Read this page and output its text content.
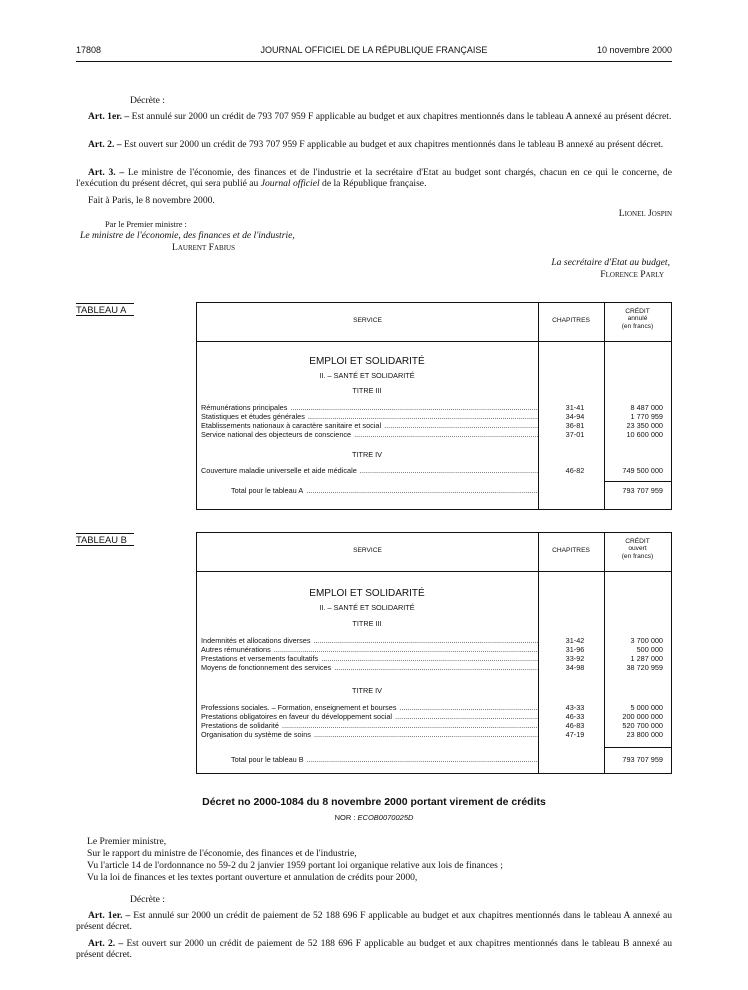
17808	JOURNAL OFFICIEL DE LA RÉPUBLIQUE FRANÇAISE	10 novembre 2000
Décrète :
Art. 1er. – Est annulé sur 2000 un crédit de 793 707 959 F applicable au budget et aux chapitres mentionnés dans le tableau A annexé au présent décret.
Art. 2. – Est ouvert sur 2000 un crédit de 793 707 959 F applicable au budget et aux chapitres mentionnés dans le tableau B annexé au présent décret.
Art. 3. – Le ministre de l'économie, des finances et de l'industrie et la secrétaire d'Etat au budget sont chargés, chacun en ce qui le concerne, de l'exécution du présent décret, qui sera publié au Journal officiel de la République française.
Fait à Paris, le 8 novembre 2000.
Lionel Jospin
Par le Premier ministre :
Le ministre de l'économie, des finances et de l'industrie,
Laurent Fabius
La secrétaire d'Etat au budget,
Florence Parly
TABLEAU A
SERVICE	CHAPITRES
CRÉDIT
annulé
(en francs)
EMPLOI ET SOLIDARITÉ
II. – SANTÉ ET SOLIDARITÉ
TITRE III
Rémunérations principales .....	31-41	8 487 000
Statistiques et études générales .....	34-94	1 770 959
Etablissements nationaux à caractère sanitaire et social .....	36-81	23 350 000
Service national des objecteurs de conscience .....	37-01	10 600 000
TITRE IV
Couverture maladie universelle et aide médicale .....	46-82	749 500 000
Total pour le tableau A .....	793 707 959
TABLEAU B
SERVICE	CHAPITRES
CRÉDIT
ouvert
(en francs)
EMPLOI ET SOLIDARITÉ
II. – SANTÉ ET SOLIDARITÉ
TITRE III
Indemnités et allocations diverses .....	31-42	3 700 000
Autres rémunérations .....	31-96	500 000
Prestations et versements facultatifs .....	33-92	1 287 000
Moyens de fonctionnement des services .....	34-98	38 720 959
TITRE IV
Professions sociales. – Formation, enseignement et bourses .....	43-33	5 000 000
Prestations obligatoires en faveur du développement social .....	46-33	200 000 000
Prestations de solidarité .....	46-83	520 700 000
Organisation du système de soins .....	47-19	23 800 000
Total pour le tableau B .....	793 707 959
Décret no 2000-1084 du 8 novembre 2000 portant virement de crédits
NOR : ECOB0070025D
Le Premier ministre,
Sur le rapport du ministre de l'économie, des finances et de l'industrie,
Vu l'article 14 de l'ordonnance no 59-2 du 2 janvier 1959 portant loi organique relative aux lois de finances ;
Vu la loi de finances et les textes portant ouverture et annulation de crédits pour 2000,
Décrète :
Art. 1er. – Est annulé sur 2000 un crédit de paiement de 52 188 696 F applicable au budget et aux chapitres mentionnés dans le tableau A annexé au présent décret.
Art. 2. – Est ouvert sur 2000 un crédit de paiement de 52 188 696 F applicable au budget et aux chapitres mentionnés dans le tableau B annexé au présent décret.
